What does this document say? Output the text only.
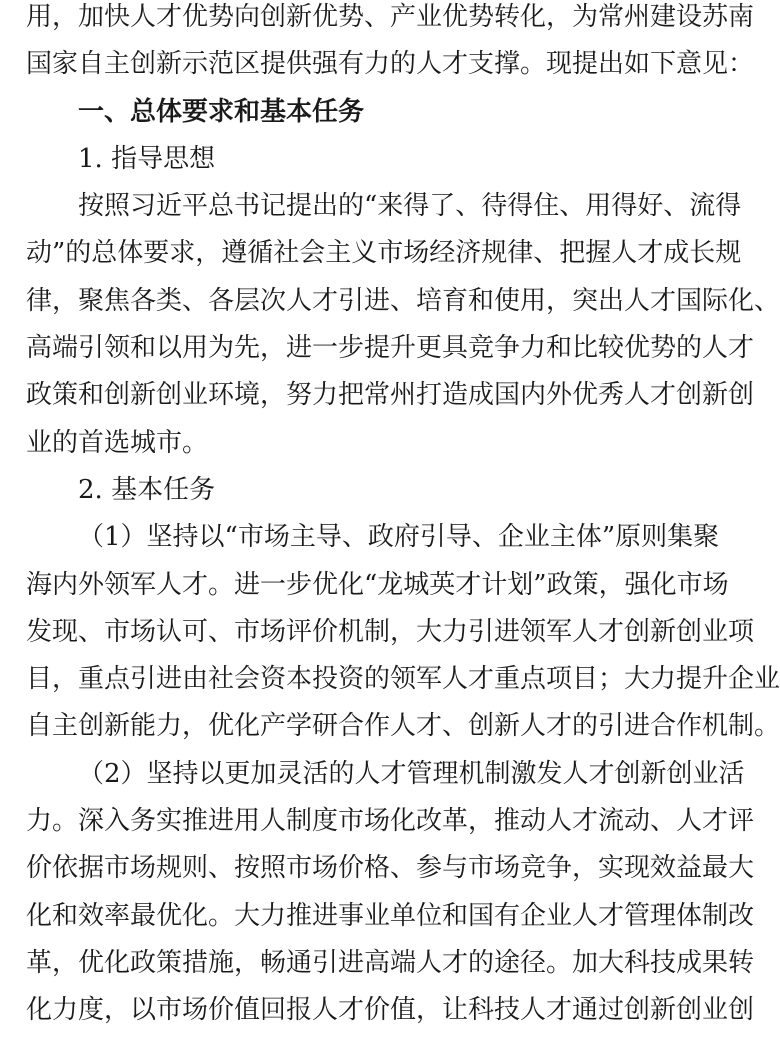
用，加快人才优势向创新优势、产业优势转化，为常州建设苏南
国家自主创新示范区提供强有力的人才支撑。现提出如下意见：
一、总体要求和基本任务
1. 指导思想
按照习近平总书记提出的“来得了、待得住、用得好、流得
动”的总体要求，遵循社会主义市场经济规律、把握人才成长规
律，聚焦各类、各层次人才引进、培育和使用，突出人才国际化、
高端引领和以用为先，进一步提升更具竞争力和比较优势的人才
政策和创新创业环境，努力把常州打造成国内外优秀人才创新创
业的首选城市。
2. 基本任务
（1）坚持以“市场主导、政府引导、企业主体”原则集聚
海内外领军人才。进一步优化“龙城英才计划”政策，强化市场
发现、市场认可、市场评价机制，大力引进领军人才创新创业项
目，重点引进由社会资本投资的领军人才重点项目；大力提升企业
自主创新能力，优化产学研合作人才、创新人才的引进合作机制。
（2）坚持以更加灵活的人才管理机制激发人才创新创业活
力。深入务实推进用人制度市场化改革，推动人才流动、人才评
价依据市场规则、按照市场价格、参与市场竞争，实现效益最大
化和效率最优化。大力推进事业单位和国有企业人才管理体制改
革，优化政策措施，畅通引进高端人才的途径。加大科技成果转
化力度，以市场价值回报人才价值，让科技人才通过创新创业创
